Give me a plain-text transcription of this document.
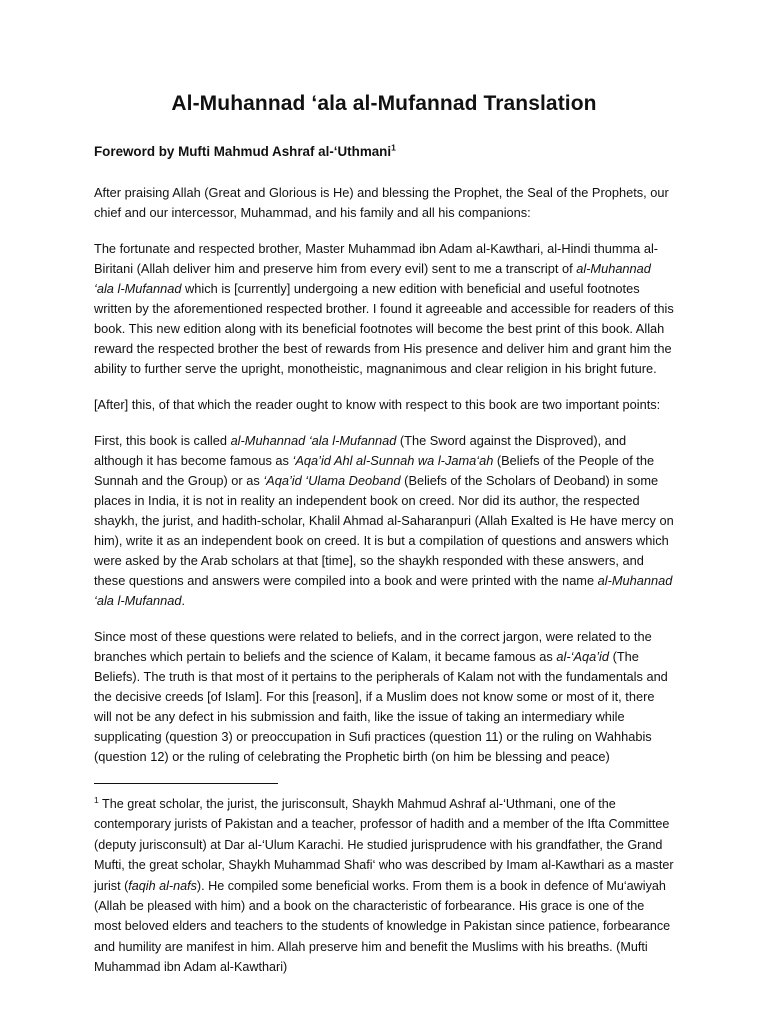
Al-Muhannad ‘ala al-Mufannad Translation
Foreword by Mufti Mahmud Ashraf al-‘Uthmani$^1$

After praising Allah (Great and Glorious is He) and blessing the Prophet, the Seal of the Prophets, our chief and our intercessor, Muhammad, and his family and all his companions:

The fortunate and respected brother, Master Muhammad ibn Adam al-Kawthari, al-Hindi thumma al-Biritani (Allah deliver him and preserve him from every evil) sent to me a transcript of al-Muhannad ‘ala l-Mufannad which is [currently] undergoing a new edition with beneficial and useful footnotes written by the aforementioned respected brother. I found it agreeable and accessible for readers of this book. This new edition along with its beneficial footnotes will become the best print of this book. Allah reward the respected brother the best of rewards from His presence and deliver him and grant him the ability to further serve the upright, monotheistic, magnanimous and clear religion in his bright future.

[After] this, of that which the reader ought to know with respect to this book are two important points:

First, this book is called al-Muhannad ‘ala l-Mufannad (The Sword against the Disproved), and although it has become famous as ‘Aqa’id Ahl al-Sunnah wa l-Jama‘ah (Beliefs of the People of the Sunnah and the Group) or as ‘Aqa’id ‘Ulama Deoband (Beliefs of the Scholars of Deoband) in some places in India, it is not in reality an independent book on creed. Nor did its author, the respected shaykh, the jurist, and hadith-scholar, Khalil Ahmad al-Saharanpuri (Allah Exalted is He have mercy on him), write it as an independent book on creed. It is but a compilation of questions and answers which were asked by the Arab scholars at that [time], so the shaykh responded with these answers, and these questions and answers were compiled into a book and were printed with the name al-Muhannad ‘ala l-Mufannad.

Since most of these questions were related to beliefs, and in the correct jargon, were related to the branches which pertain to beliefs and the science of Kalam, it became famous as al-‘Aqa’id (The Beliefs). The truth is that most of it pertains to the peripherals of Kalam not with the fundamentals and the decisive creeds [of Islam]. For this [reason], if a Muslim does not know some or most of it, there will not be any defect in his submission and faith, like the issue of taking an intermediary while supplicating (question 3) or preoccupation in Sufi practices (question 11) or the ruling on Wahhabis (question 12) or the ruling of celebrating the Prophetic birth (on him be blessing and peace)

$^1$ The great scholar, the jurist, the jurisconsult, Shaykh Mahmud Ashraf al-‘Uthmani, one of the contemporary jurists of Pakistan and a teacher, professor of hadith and a member of the Ifta Committee (deputy jurisconsult) at Dar al-‘Ulum Karachi. He studied jurisprudence with his grandfather, the Grand Mufti, the great scholar, Shaykh Muhammad Shafi‘ who was described by Imam al-Kawthari as a master jurist (faqih al-nafs). He compiled some beneficial works. From them is a book in defence of Mu‘awiyah (Allah be pleased with him) and a book on the characteristic of forbearance. His grace is one of the most beloved elders and teachers to the students of knowledge in Pakistan since patience, forbearance and humility are manifest in him. Allah preserve him and benefit the Muslims with his breaths. (Mufti Muhammad ibn Adam al-Kawthari)
